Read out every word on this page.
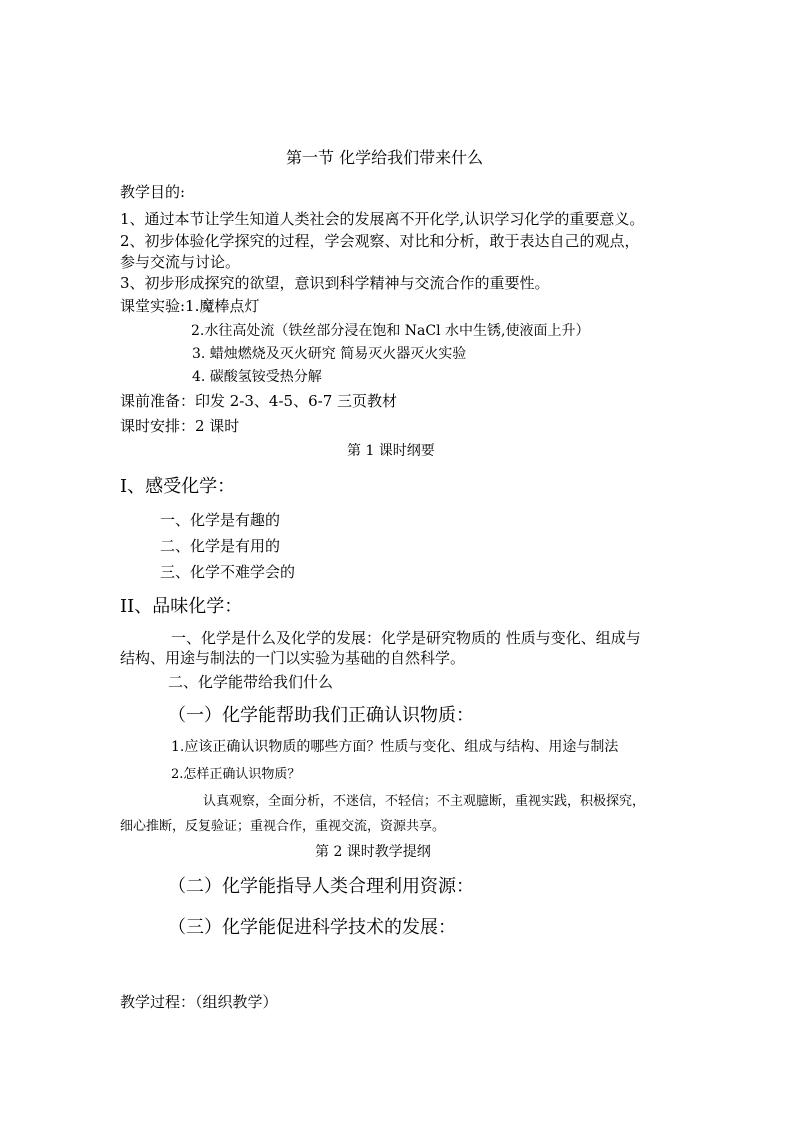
第一节 化学给我们带来什么
教学目的:
1、通过本节让学生知道人类社会的发展离不开化学,认识学习化学的重要意义。
2、初步体验化学探究的过程，学会观察、对比和分析，敢于表达自己的观点，
参与交流与讨论。
3、初步形成探究的欲望，意识到科学精神与交流合作的重要性。
课堂实验:1.魔棒点灯
2.水往高处流（铁丝部分浸在饱和 NaCl 水中生锈,使液面上升）
3. 蜡烛燃烧及灭火研究 简易灭火器灭火实验
4. 碳酸氢铵受热分解
课前准备：印发 2-3、4-5、6-7 三页教材
课时安排：2 课时
第 1 课时纲要
I、感受化学：
一、化学是有趣的
二、化学是有用的
三、化学不难学会的
II、品味化学：
一、化学是什么及化学的发展：化学是研究物质的 性质与变化、组成与
结构、用途与制法的一门以实验为基础的自然科学。
二、化学能带给我们什么
（一）化学能帮助我们正确认识物质：
1.应该正确认识物质的哪些方面？性质与变化、组成与结构、用途与制法
2.怎样正确认识物质？
认真观察，全面分析，不迷信，不轻信；不主观臆断，重视实践，积极探究，
细心推断，反复验证；重视合作，重视交流，资源共享。
第 2 课时教学提纲
（二）化学能指导人类合理利用资源：
（三）化学能促进科学技术的发展：
教学过程：（组织教学）
